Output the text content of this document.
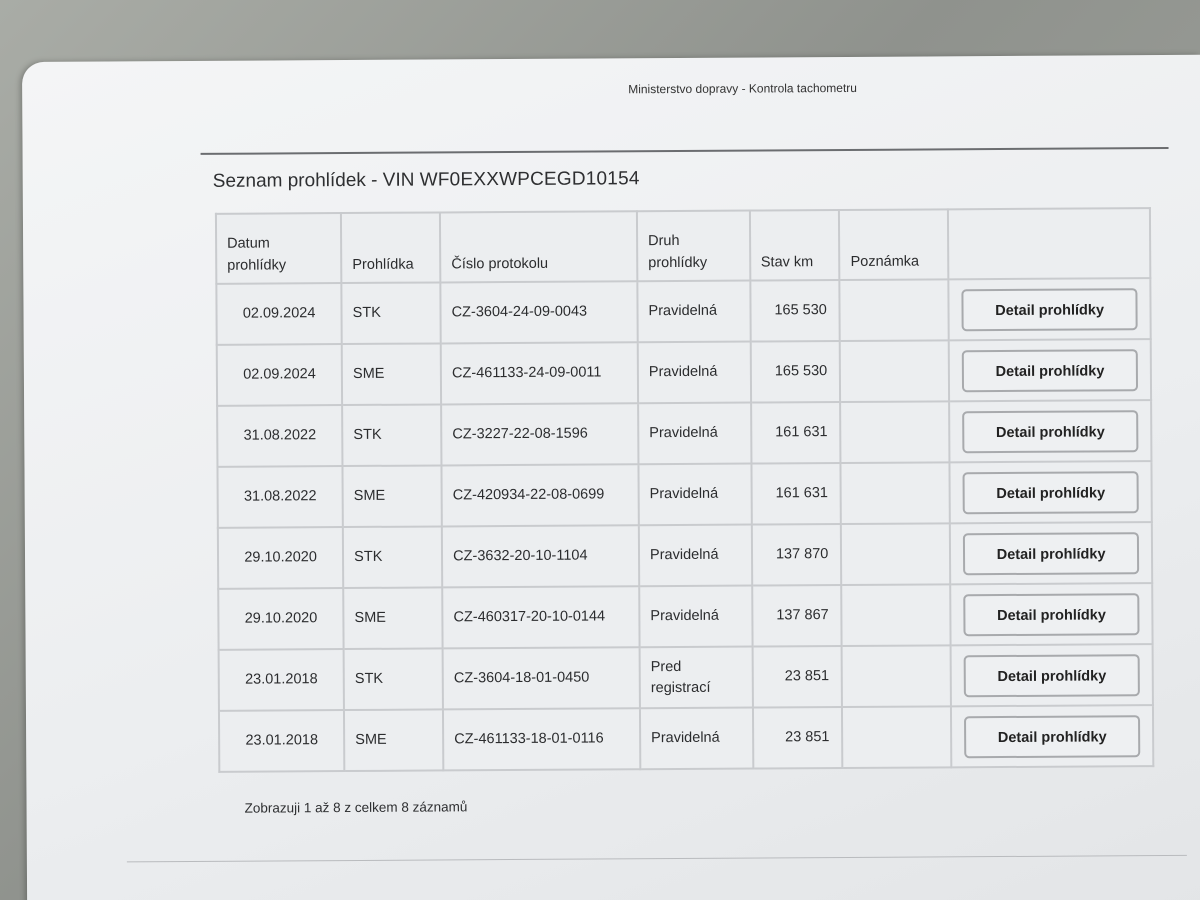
Ministerstvo dopravy - Kontrola tachometru
Seznam prohlídek - VIN WF0EXXWPCEGD10154
Datum prohlídky	Prohlídka	Číslo protokolu	Druh prohlídky	Stav km	Poznámka	
02.09.2024	STK	CZ-3604-24-09-0043	Pravidelná	165 530		Detail prohlídky
02.09.2024	SME	CZ-461133-24-09-0011	Pravidelná	165 530		Detail prohlídky
31.08.2022	STK	CZ-3227-22-08-1596	Pravidelná	161 631		Detail prohlídky
31.08.2022	SME	CZ-420934-22-08-0699	Pravidelná	161 631		Detail prohlídky
29.10.2020	STK	CZ-3632-20-10-1104	Pravidelná	137 870		Detail prohlídky
29.10.2020	SME	CZ-460317-20-10-0144	Pravidelná	137 867		Detail prohlídky
23.01.2018	STK	CZ-3604-18-01-0450	Pred registrací	23 851		Detail prohlídky
23.01.2018	SME	CZ-461133-18-01-0116	Pravidelná	23 851		Detail prohlídky
Zobrazuji 1 až 8 z celkem 8 záznamů
